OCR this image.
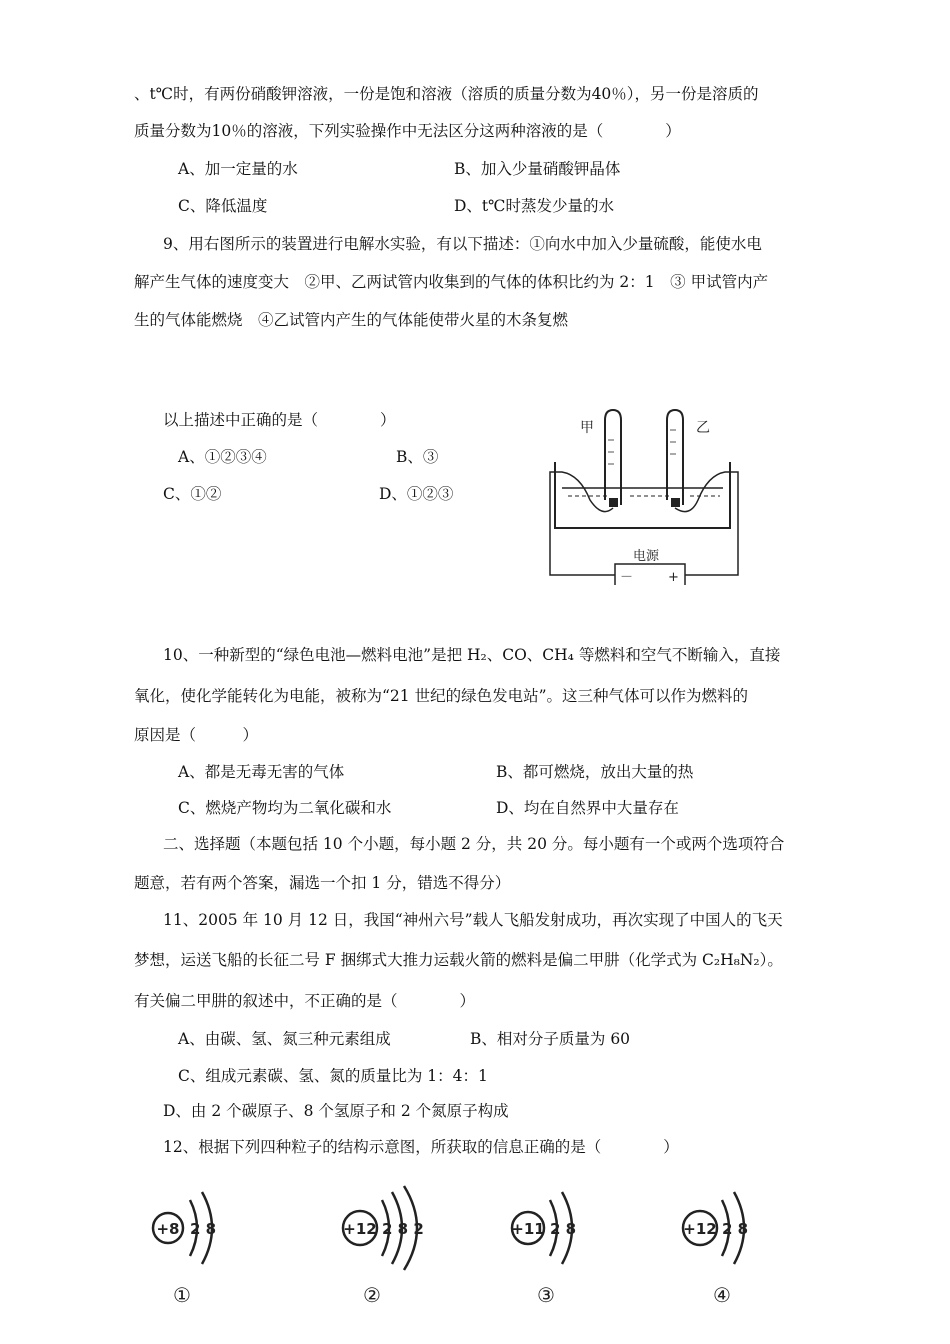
、t℃时，有两份硝酸钾溶液，一份是饱和溶液（溶质的质量分数为40％），另一份是溶质的
质量分数为10％的溶液，下列实验操作中无法区分这两种溶液的是（　　　　）
A、加一定量的水	B、加入少量硝酸钾晶体
C、降低温度	D、t℃时蒸发少量的水
9、用右图所示的装置进行电解水实验，有以下描述：①向水中加入少量硫酸，能使水电
解产生气体的速度变大　②甲、乙两试管内收集到的气体的体积比约为 2：1　③ 甲试管内产
生的气体能燃烧　④乙试管内产生的气体能使带火星的木条复燃
以上描述中正确的是（　　　　）
A、①②③④	B、③
C、①②	D、①②③
甲	乙
电源
－	+
10、一种新型的“绿色电池—燃料电池”是把 H₂、CO、CH₄ 等燃料和空气不断输入，直接
氧化，使化学能转化为电能，被称为“21 世纪的绿色发电站”。这三种气体可以作为燃料的
原因是（　　　）
A、都是无毒无害的气体	B、都可燃烧，放出大量的热
C、燃烧产物均为二氧化碳和水	D、均在自然界中大量存在
二、选择题（本题包括 10 个小题，每小题 2 分，共 20 分。每小题有一个或两个选项符合
题意，若有两个答案，漏选一个扣 1 分，错选不得分）
11、2005 年 10 月 12 日，我国“神州六号”载人飞船发射成功，再次实现了中国人的飞天
梦想，运送飞船的长征二号 F 捆绑式大推力运载火箭的燃料是偏二甲肼（化学式为 C₂H₈N₂）。
有关偏二甲肼的叙述中，不正确的是（　　　　）
A、由碳、氢、氮三种元素组成	B、相对分子质量为 60
C、组成元素碳、氢、氮的质量比为 1：4：1
D、由 2 个碳原子、8 个氢原子和 2 个氮原子构成
12、根据下列四种粒子的结构示意图，所获取的信息正确的是（　　　　）
+8 2 8
①
+12 2 8 2
②
+11 2 8
③
+12 2 8
④
